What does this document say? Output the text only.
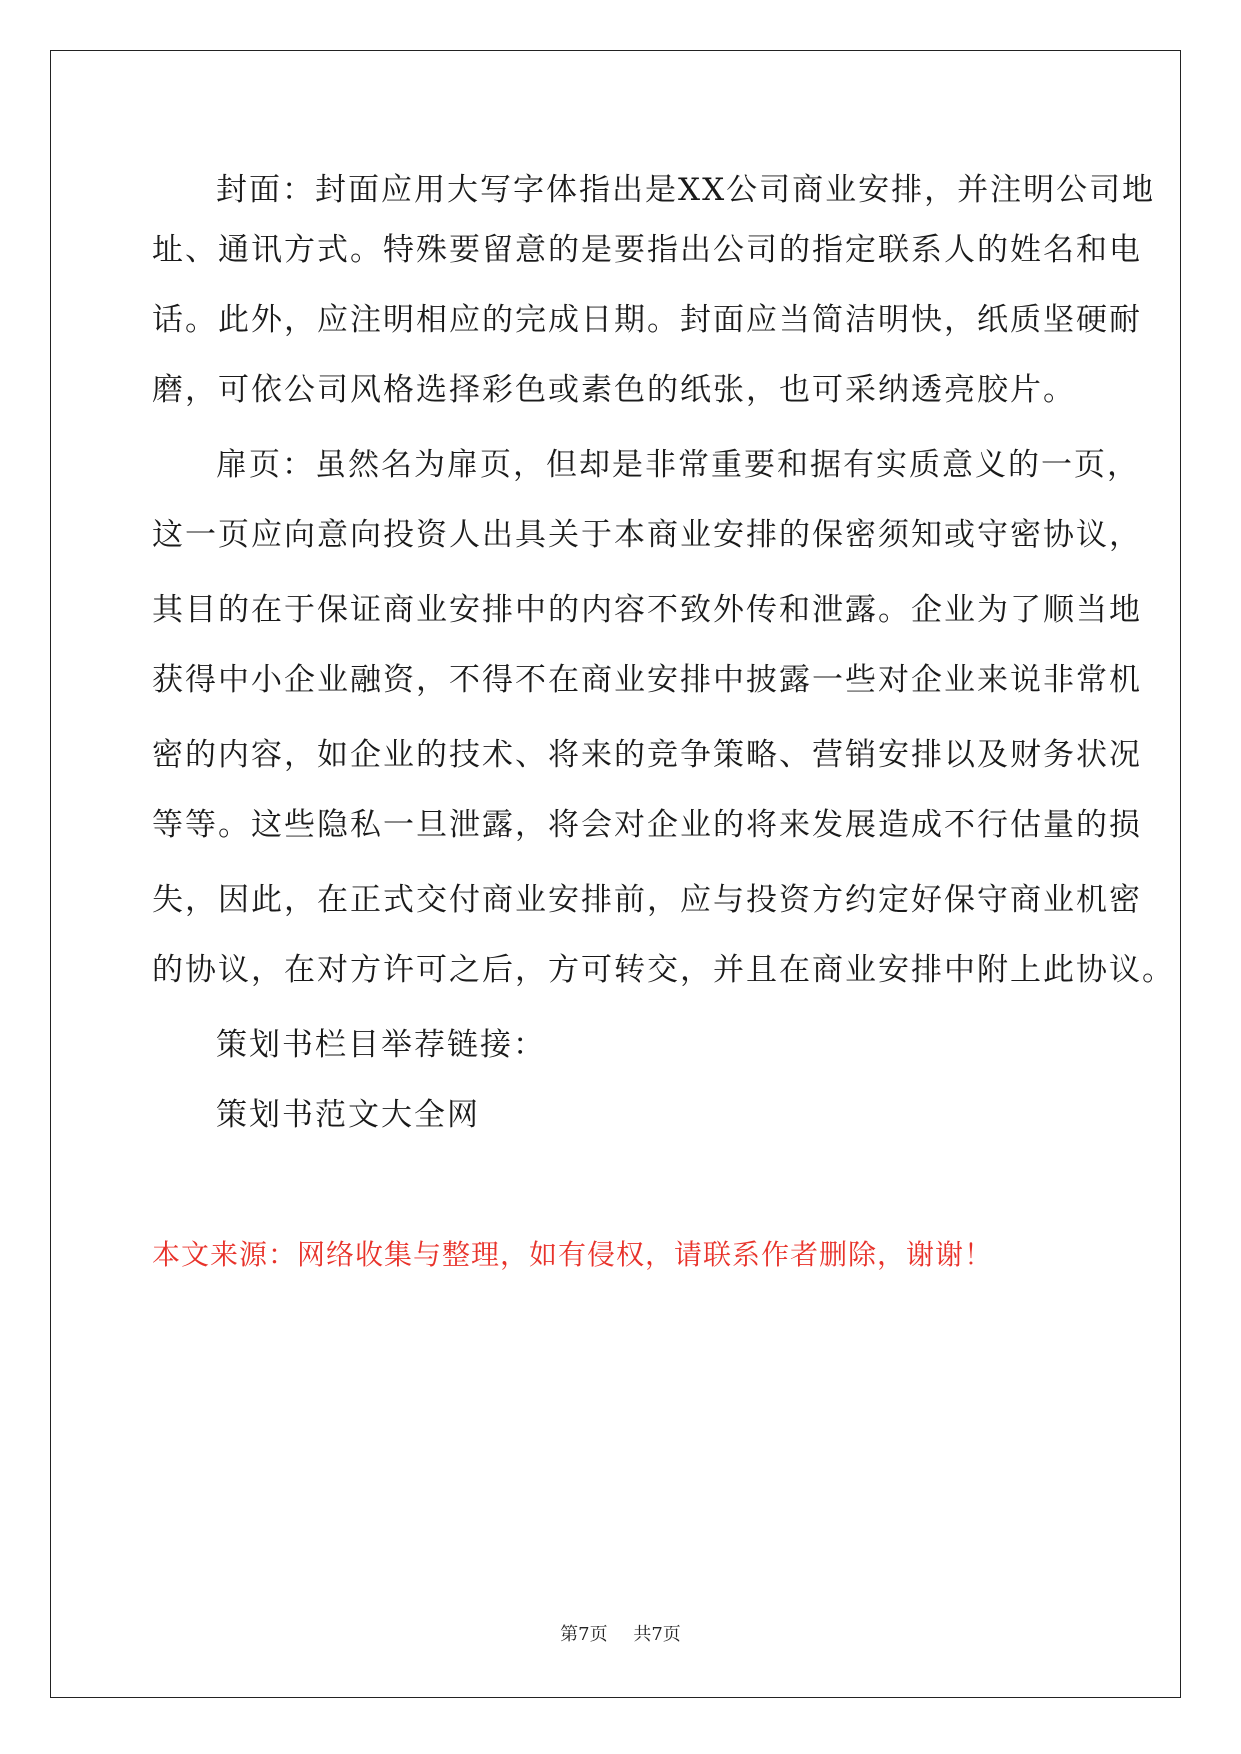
封面：封面应用大写字体指出是XX公司商业安排，并注明公司地
址、通讯方式。特殊要留意的是要指出公司的指定联系人的姓名和电
话。此外，应注明相应的完成日期。封面应当简洁明快，纸质坚硬耐
磨，可依公司风格选择彩色或素色的纸张，也可采纳透亮胶片。
扉页：虽然名为扉页，但却是非常重要和据有实质意义的一页，
这一页应向意向投资人出具关于本商业安排的保密须知或守密协议，
其目的在于保证商业安排中的内容不致外传和泄露。企业为了顺当地
获得中小企业融资，不得不在商业安排中披露一些对企业来说非常机
密的内容，如企业的技术、将来的竞争策略、营销安排以及财务状况
等等。这些隐私一旦泄露，将会对企业的将来发展造成不行估量的损
失，因此，在正式交付商业安排前，应与投资方约定好保守商业机密
的协议，在对方许可之后，方可转交，并且在商业安排中附上此协议。
策划书栏目举荐链接：
策划书范文大全网
本文来源：网络收集与整理，如有侵权，请联系作者删除，谢谢！
第7页 共7页
